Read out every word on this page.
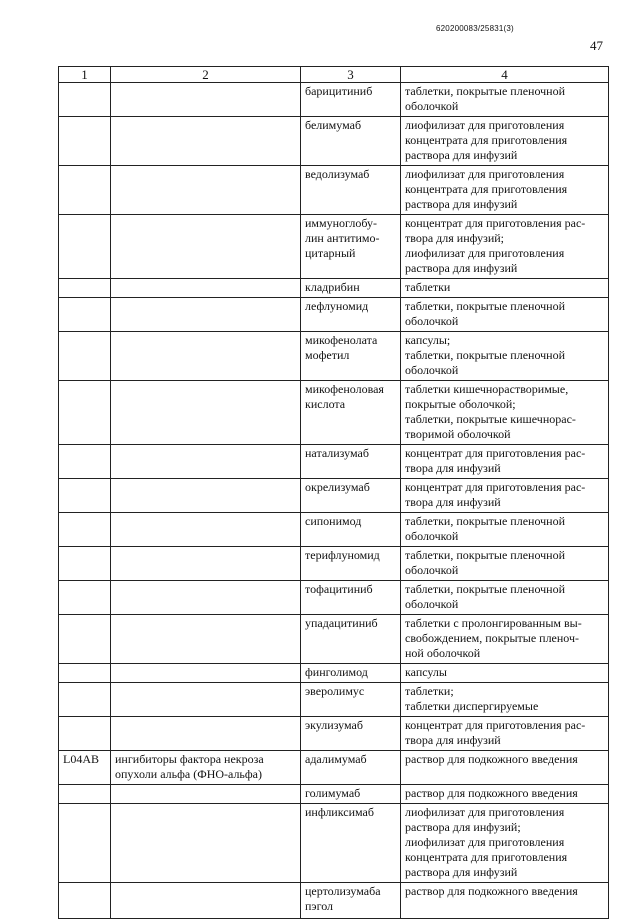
620200083/25831(3)
47
1	2	3	4

		барицитиниб	таблетки, покрытые пленочной
оболочкой

		белимумаб	лиофилизат для приготовления
концентрата для приготовления
раствора для инфузий

		ведолизумаб	лиофилизат для приготовления
концентрата для приготовления
раствора для инфузий

		иммуноглобу-
лин антитимо-
цитарный	концентрат для приготовления рас-
твора для инфузий;
лиофилизат для приготовления
раствора для инфузий

		кладрибин	таблетки

		лефлуномид	таблетки, покрытые пленочной
оболочкой

		микофенолата
мофетил	капсулы;
таблетки, покрытые пленочной
оболочкой

		микофеноловая
кислота	таблетки кишечнорастворимые,
покрытые оболочкой;
таблетки, покрытые кишечнорас-
творимой оболочкой

		натализумаб	концентрат для приготовления рас-
твора для инфузий

		окрелизумаб	концентрат для приготовления рас-
твора для инфузий

		сипонимод	таблетки, покрытые пленочной
оболочкой

		терифлуномид	таблетки, покрытые пленочной
оболочкой

		тофацитиниб	таблетки, покрытые пленочной
оболочкой

		упадацитиниб	таблетки с пролонгированным вы-
свобождением, покрытые пленоч-
ной оболочкой

		финголимод	капсулы

		эверолимус	таблетки;
таблетки диспергируемые

		экулизумаб	концентрат для приготовления рас-
твора для инфузий

L04AB	ингибиторы фактора некроза
опухоли альфа (ФНО-альфа)	адалимумаб	раствор для подкожного введения

		голимумаб	раствор для подкожного введения

		инфликсимаб	лиофилизат для приготовления
раствора для инфузий;
лиофилизат для приготовления
концентрата для приготовления
раствора для инфузий

		цертолизумаба
пэгол	раствор для подкожного введения
